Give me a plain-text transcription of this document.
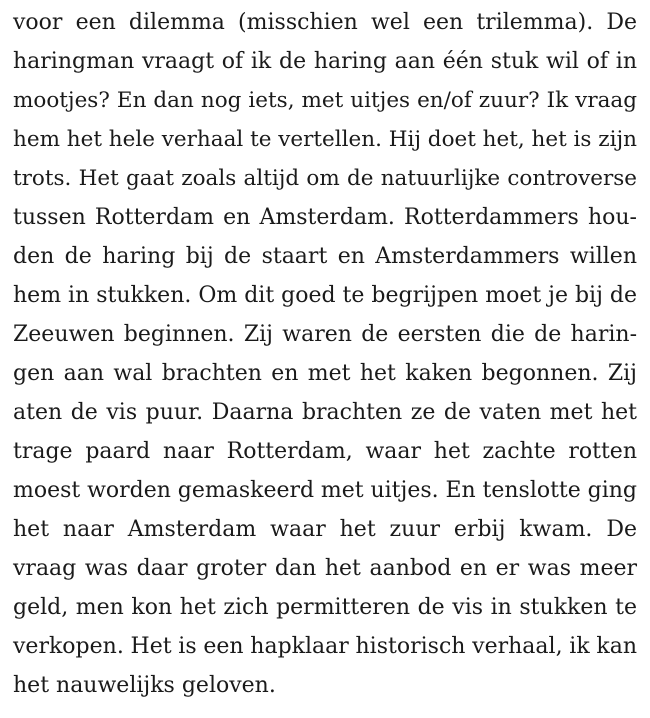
voor een dilemma (misschien wel een trilemma). De
haringman vraagt of ik de haring aan één stuk wil of in
mootjes? En dan nog iets, met uitjes en/of zuur? Ik vraag
hem het hele verhaal te vertellen. Hij doet het, het is zijn
trots. Het gaat zoals altijd om de natuurlijke controverse
tussen Rotterdam en Amsterdam. Rotterdammers hou-
den de haring bij de staart en Amsterdammers willen
hem in stukken. Om dit goed te begrijpen moet je bij de
Zeeuwen beginnen. Zij waren de eersten die de harin-
gen aan wal brachten en met het kaken begonnen. Zij
aten de vis puur. Daarna brachten ze de vaten met het
trage paard naar Rotterdam, waar het zachte rotten
moest worden gemaskeerd met uitjes. En tenslotte ging
het naar Amsterdam waar het zuur erbij kwam. De
vraag was daar groter dan het aanbod en er was meer
geld, men kon het zich permitteren de vis in stukken te
verkopen. Het is een hapklaar historisch verhaal, ik kan
het nauwelijks geloven.
